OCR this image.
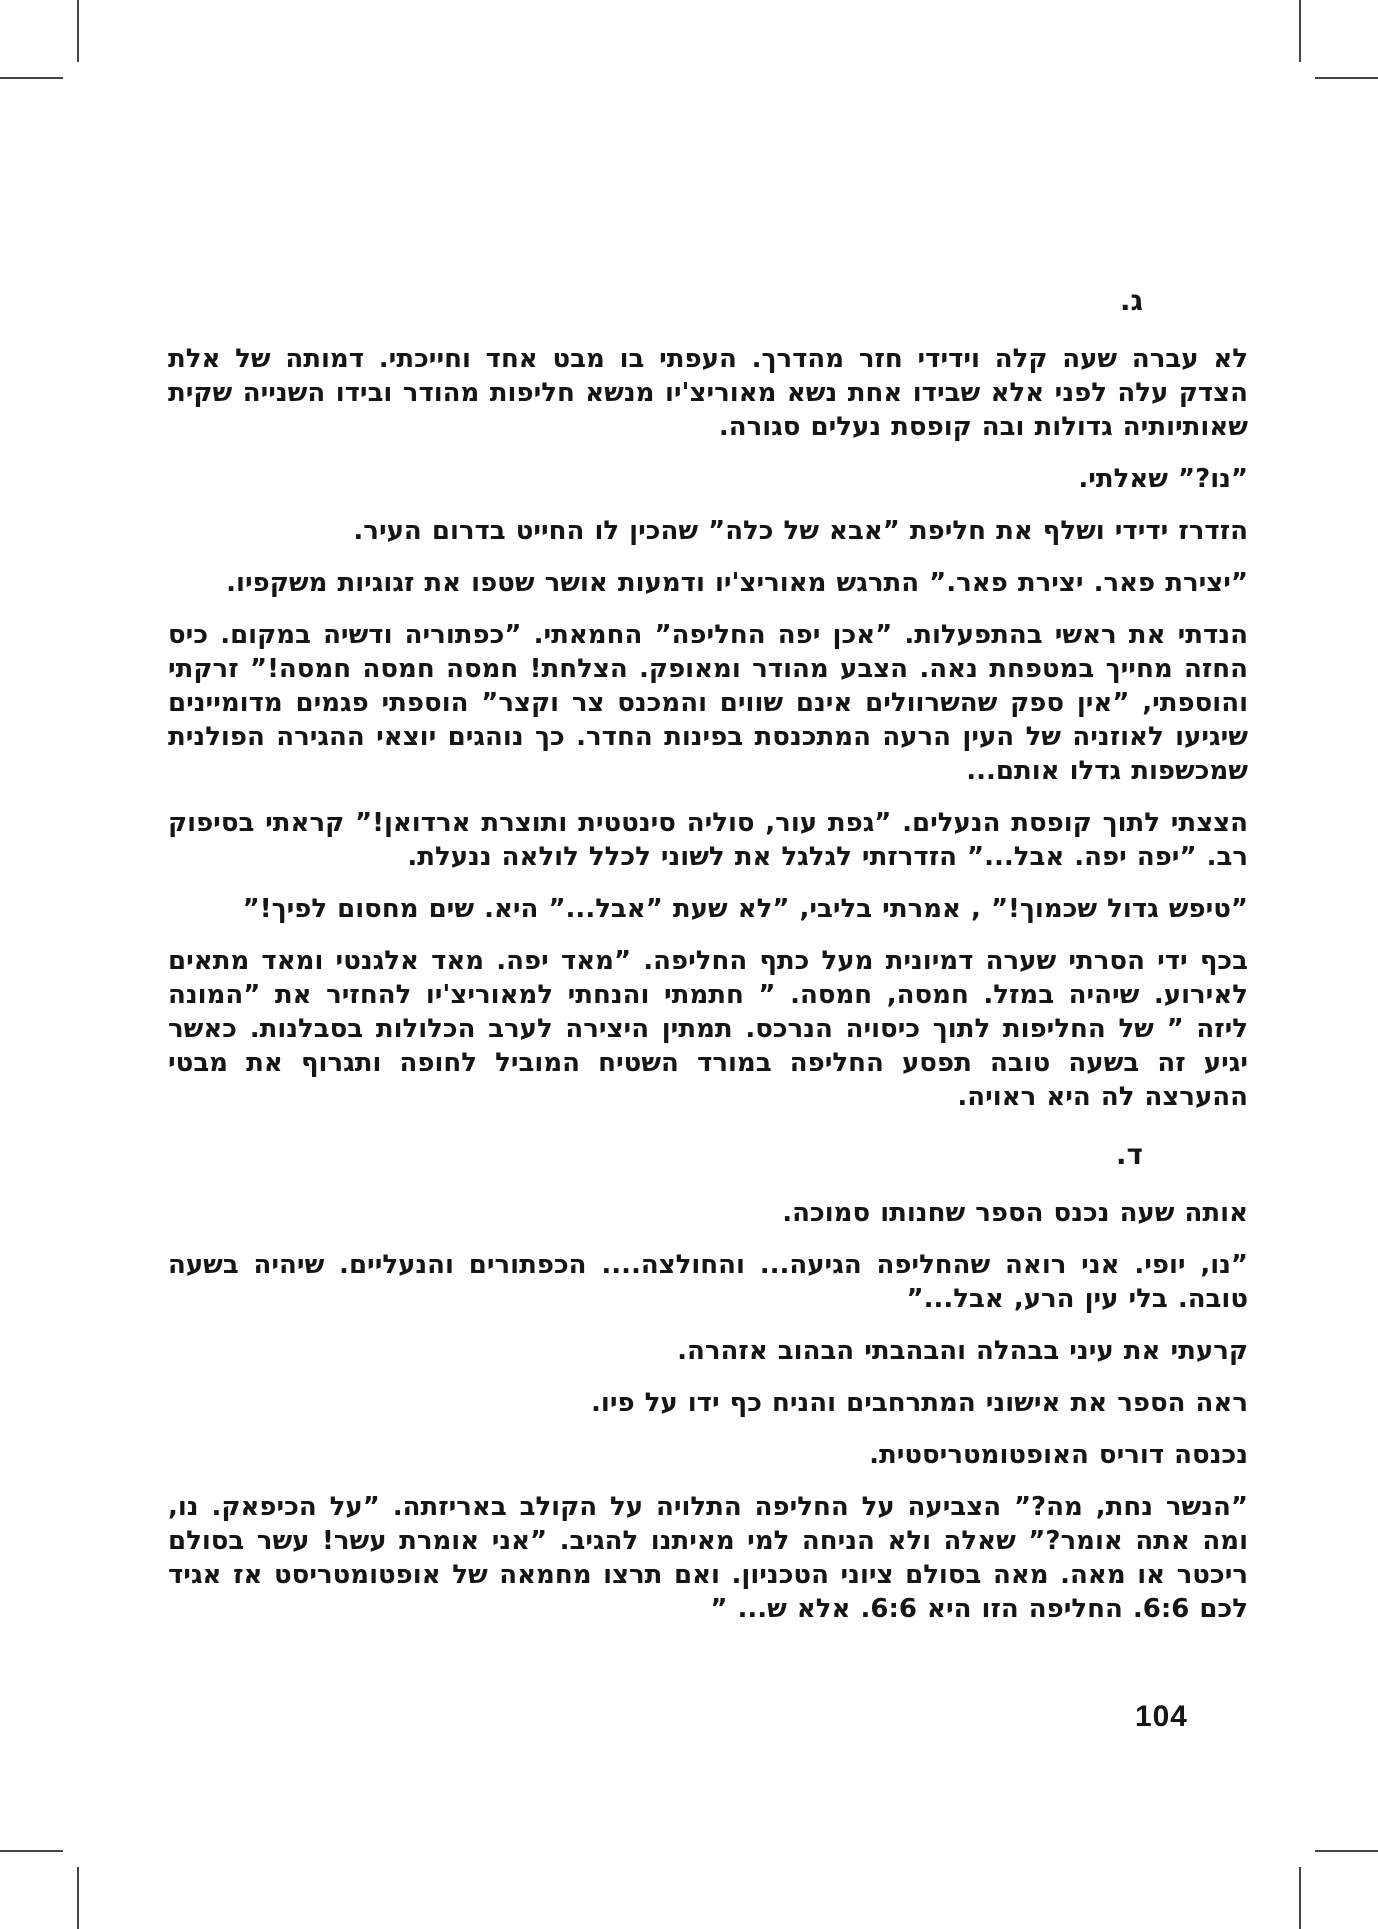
ג.

לא עברה שעה קלה וידידי חזר מהדרך. העפתי בו מבט אחד וחייכתי. דמותה של אלת הצדק עלה לפני אלא שבידו אחת נשא מאוריצ'יו מנשא חליפות מהודר ובידו השנייה שקית שאותיותיה גדולות ובה קופסת נעלים סגורה.

”נו?” שאלתי.

הזדרז ידידי ושלף את חליפת ”אבא של כלה” שהכין לו החייט בדרום העיר.

”יצירת פאר. יצירת פאר.” התרגש מאוריצ'יו ודמעות אושר שטפו את זגוגיות משקפיו.

הנדתי את ראשי בהתפעלות. ”אכן יפה החליפה” החמאתי. ”כפתוריה ודשיה במקום. כיס החזה מחייך במטפחת נאה. הצבע מהודר ומאופק. הצלחת! חמסה חמסה חמסה!” זרקתי והוספתי, ”אין ספק שהשרוולים אינם שווים והמכנס צר וקצר” הוספתי פגמים מדומיינים שיגיעו לאוזניה של העין הרעה המתכנסת בפינות החדר. כך נוהגים יוצאי ההגירה הפולנית שמכשפות גדלו אותם...

הצצתי לתוך קופסת הנעלים. ”גפת עור, סוליה סינטטית ותוצרת ארדואן!” קראתי בסיפוק רב. ”יפה יפה. אבל...” הזדרזתי לגלגל את לשוני לכלל לולאה ננעלת.

”טיפש גדול שכמוך!” , אמרתי בליבי, ”לא שעת ”אבל...” היא. שים מחסום לפיך!”

בכף ידי הסרתי שערה דמיונית מעל כתף החליפה. ”מאד יפה. מאד אלגנטי ומאד מתאים לאירוע. שיהיה במזל. חמסה, חמסה. ” חתמתי והנחתי למאוריצ'יו להחזיר את ”המונה ליזה ” של החליפות לתוך כיסויה הנרכס. תמתין היצירה לערב הכלולות בסבלנות. כאשר יגיע זה בשעה טובה תפסע החליפה במורד השטיח המוביל לחופה ותגרוף את מבטי ההערצה לה היא ראויה.

ד.

אותה שעה נכנס הספר שחנותו סמוכה.

”נו, יופי. אני רואה שהחליפה הגיעה... והחולצה.... הכפתורים והנעליים. שיהיה בשעה טובה. בלי עין הרע, אבל...”

קרעתי את עיני בבהלה והבהבתי הבהוב אזהרה.

ראה הספר את אישוני המתרחבים והניח כף ידו על פיו.

נכנסה דוריס האופטומטריסטית.

”הנשר נחת, מה?” הצביעה על החליפה התלויה על הקולב באריזתה. ”על הכיפאק. נו, ומה אתה אומר?” שאלה ולא הניחה למי מאיתנו להגיב. ”אני אומרת עשר! עשר בסולם ריכטר או מאה. מאה בסולם ציוני הטכניון. ואם תרצו מחמאה של אופטומטריסט אז אגיד לכם 6:6. החליפה הזו היא 6:6. אלא ש... ”

104
